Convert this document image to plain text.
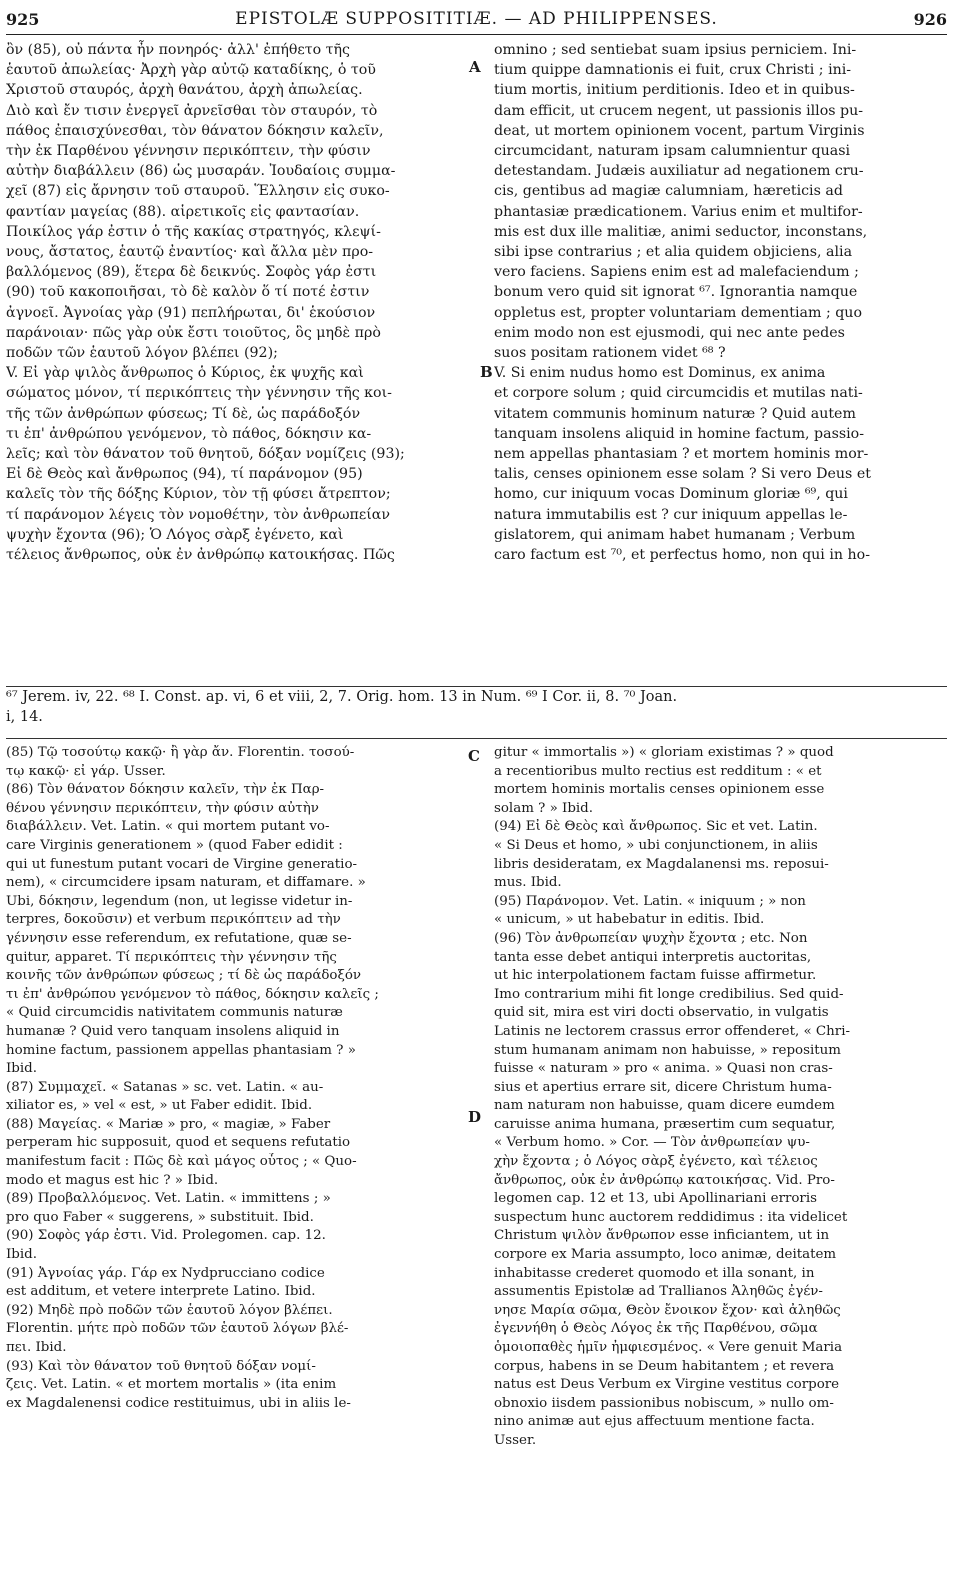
925	EPISTOLÆ SUPPOSITITIÆ. — AD PHILIPPENSES.	926
A
B
C
D
ὂν (85), οὐ πάντα ἦν πονηρός· ἀλλ' ἐπήθετο τῆς
ἑαυτοῦ ἀπωλείας· Ἀρχὴ γὰρ αὐτῷ καταδίκης, ὁ τοῦ
Χριστοῦ σταυρός, ἀρχὴ θανάτου, ἀρχὴ ἀπωλείας.
Διὸ καὶ ἔν τισιν ἐνεργεῖ ἀρνεῖσθαι τὸν σταυρόν, τὸ
πάθος ἐπαισχύνεσθαι, τὸν θάνατον δόκησιν καλεῖν,
τὴν ἐκ Παρθένου γέννησιν περικόπτειν, τὴν φύσιν
αὐτὴν διαβάλλειν (86) ὡς μυσαράν. Ἰουδαίοις συμμα-
χεῖ (87) εἰς ἄρνησιν τοῦ σταυροῦ. Ἕλλησιν εἰς συκο-
φαντίαν μαγείας (88). αἱρετικοῖς εἰς φαντασίαν.
Ποικίλος γάρ ἐστιν ὁ τῆς κακίας στρατηγός, κλεψί-
νους, ἄστατος, ἑαυτῷ ἐναντίος· καὶ ἄλλα μὲν προ-
βαλλόμενος (89), ἕτερα δὲ δεικνύς. Σοφὸς γάρ ἐστι
(90) τοῦ κακοποιῆσαι, τὸ δὲ καλὸν ὅ τί ποτέ ἐστιν
ἀγνοεῖ. Ἀγνοίας γὰρ (91) πεπλήρωται, δι' ἑκούσιον
παράνοιαν· πῶς γὰρ οὐκ ἔστι τοιοῦτος, ὃς μηδὲ πρὸ
ποδῶν τῶν ἑαυτοῦ λόγον βλέπει (92);
V. Εἰ γὰρ ψιλὸς ἄνθρωπος ὁ Κύριος, ἐκ ψυχῆς καὶ
σώματος μόνον, τί περικόπτεις τὴν γέννησιν τῆς κοι-
τῆς τῶν ἀνθρώπων φύσεως; Τί δὲ, ὡς παράδοξόν
τι ἐπ' ἀνθρώπου γενόμενον, τὸ πάθος, δόκησιν κα-
λεῖς; καὶ τὸν θάνατον τοῦ θνητοῦ, δόξαν νομίζεις (93);
Εἰ δὲ Θεὸς καὶ ἄνθρωπος (94), τί παράνομον (95)
καλεῖς τὸν τῆς δόξης Κύριον, τὸν τῇ φύσει ἄτρεπτον;
τί παράνομον λέγεις τὸν νομοθέτην, τὸν ἀνθρωπείαν
ψυχὴν ἔχοντα (96); Ὁ Λόγος σὰρξ ἐγένετο, καὶ
τέλειος ἄνθρωπος, οὐκ ἐν ἀνθρώπῳ κατοικήσας. Πῶς
omnino ; sed sentiebat suam ipsius perniciem. Ini-
tium quippe damnationis ei fuit, crux Christi ; ini-
tium mortis, initium perditionis. Ideo et in quibus-
dam efficit, ut crucem negent, ut passionis illos pu-
deat, ut mortem opinionem vocent, partum Virginis
circumcidant, naturam ipsam calumnientur quasi
detestandam. Judæis auxiliatur ad negationem cru-
cis, gentibus ad magiæ calumniam, hæreticis ad
phantasiæ prædicationem. Varius enim et multifor-
mis est dux ille malitiæ, animi seductor, inconstans,
sibi ipse contrarius ; et alia quidem objiciens, alia
vero faciens. Sapiens enim est ad malefaciendum ;
bonum vero quid sit ignorat ⁶⁷. Ignorantia namque
oppletus est, propter voluntariam dementiam ; quo
enim modo non est ejusmodi, qui nec ante pedes
suos positam rationem videt ⁶⁸ ?
V. Si enim nudus homo est Dominus, ex anima
et corpore solum ; quid circumcidis et mutilas nati-
vitatem communis hominum naturæ ? Quid autem
tanquam insolens aliquid in homine factum, passio-
nem appellas phantasiam ? et mortem hominis mor-
talis, censes opinionem esse solam ? Si vero Deus et
homo, cur iniquum vocas Dominum gloriæ ⁶⁹, qui
natura immutabilis est ? cur iniquum appellas le-
gislatorem, qui animam habet humanam ; Verbum
caro factum est ⁷⁰, et perfectus homo, non qui in ho-
⁶⁷ Jerem. iv, 22. ⁶⁸ I. Const. ap. vi, 6 et viii, 2, 7. Orig. hom. 13 in Num. ⁶⁹ I Cor. ii, 8. ⁷⁰ Joan.
i, 14.
(85) Τῷ τοσούτῳ κακῷ· ἢ γὰρ ἄν. Florentin. τοσού-
τῳ κακῷ· εἰ γάρ. Usser.
(86) Τὸν θάνατον δόκησιν καλεῖν, τὴν ἐκ Παρ-
θένου γέννησιν περικόπτειν, τὴν φύσιν αὐτὴν
διαβάλλειν. Vet. Latin. « qui mortem putant vo-
care Virginis generationem » (quod Faber edidit :
qui ut funestum putant vocari de Virgine generatio-
nem), « circumcidere ipsam naturam, et diffamare. »
Ubi, δόκησιν, legendum (non, ut legisse videtur in-
terpres, δοκοῦσιν) et verbum περικόπτειν ad τὴν
γέννησιν esse referendum, ex refutatione, quæ se-
quitur, apparet. Τί περικόπτεις τὴν γέννησιν τῆς
κοινῆς τῶν ἀνθρώπων φύσεως ; τί δὲ ὡς παράδοξόν
τι ἐπ' ἀνθρώπου γενόμενον τὸ πάθος, δόκησιν καλεῖς ;
« Quid circumcidis nativitatem communis naturæ
humanæ ? Quid vero tanquam insolens aliquid in
homine factum, passionem appellas phantasiam ? »
Ibid.
(87) Συμμαχεῖ. « Satanas » sc. vet. Latin. « au-
xiliator es, » vel « est, » ut Faber edidit. Ibid.
(88) Μαγείας. « Mariæ » pro, « magiæ, » Faber
perperam hic supposuit, quod et sequens refutatio
manifestum facit : Πῶς δὲ καὶ μάγος οὗτος ; « Quo-
modo et magus est hic ? » Ibid.
(89) Προβαλλόμενος. Vet. Latin. « immittens ; »
pro quo Faber « suggerens, » substituit. Ibid.
(90) Σοφὸς γάρ ἐστι. Vid. Prolegomen. cap. 12.
Ibid.
(91) Ἀγνοίας γάρ. Γάρ ex Nydprucciano codice
est additum, et vetere interprete Latino. Ibid.
(92) Μηδὲ πρὸ ποδῶν τῶν ἑαυτοῦ λόγον βλέπει.
Florentin. μήτε πρὸ ποδῶν τῶν ἑαυτοῦ λόγων βλέ-
πει. Ibid.
(93) Καὶ τὸν θάνατον τοῦ θνητοῦ δόξαν νομί-
ζεις. Vet. Latin. « et mortem mortalis » (ita enim
ex Magdalenensi codice restituimus, ubi in aliis le-
gitur « immortalis ») « gloriam existimas ? » quod
a recentioribus multo rectius est redditum : « et
mortem hominis mortalis censes opinionem esse
solam ? » Ibid.
(94) Εἰ δὲ Θεὸς καὶ ἄνθρωπος. Sic et vet. Latin.
« Si Deus et homo, » ubi conjunctionem, in aliis
libris desideratam, ex Magdalanensi ms. reposui-
mus. Ibid.
(95) Παράνομον. Vet. Latin. « iniquum ; » non
« unicum, » ut habebatur in editis. Ibid.
(96) Τὸν ἀνθρωπείαν ψυχὴν ἔχοντα ; etc. Non
tanta esse debet antiqui interpretis auctoritas,
ut hic interpolationem factam fuisse affirmetur.
Imo contrarium mihi fit longe credibilius. Sed quid-
quid sit, mira est viri docti observatio, in vulgatis
Latinis ne lectorem crassus error offenderet, « Chri-
stum humanam animam non habuisse, » repositum
fuisse « naturam » pro « anima. » Quasi non cras-
sius et apertius errare sit, dicere Christum huma-
nam naturam non habuisse, quam dicere eumdem
caruisse anima humana, præsertim cum sequatur,
« Verbum homo. » Cor. — Τὸν ἀνθρωπείαν ψυ-
χὴν ἔχοντα ; ὁ Λόγος σὰρξ ἐγένετο, καὶ τέλειος
ἄνθρωπος, οὐκ ἐν ἀνθρώπῳ κατοικήσας. Vid. Pro-
legomen cap. 12 et 13, ubi Apollinariani erroris
suspectum hunc auctorem reddidimus : ita videlicet
Christum ψιλὸν ἄνθρωπον esse inficiantem, ut in
corpore ex Maria assumpto, loco animæ, deitatem
inhabitasse crederet quomodo et illa sonant, in
assumentis Epistolæ ad Trallianos Ἀληθῶς ἐγέν-
νησε Μαρία σῶμα, Θεὸν ἔνοικον ἔχον· καὶ ἀληθῶς
ἐγεννήθη ὁ Θεὸς Λόγος ἐκ τῆς Παρθένου, σῶμα
ὁμοιοπαθὲς ἡμῖν ἠμφιεσμένος. « Vere genuit Maria
corpus, habens in se Deum habitantem ; et revera
natus est Deus Verbum ex Virgine vestitus corpore
obnoxio iisdem passionibus nobiscum, » nullo om-
nino animæ aut ejus affectuum mentione facta.
Usser.
